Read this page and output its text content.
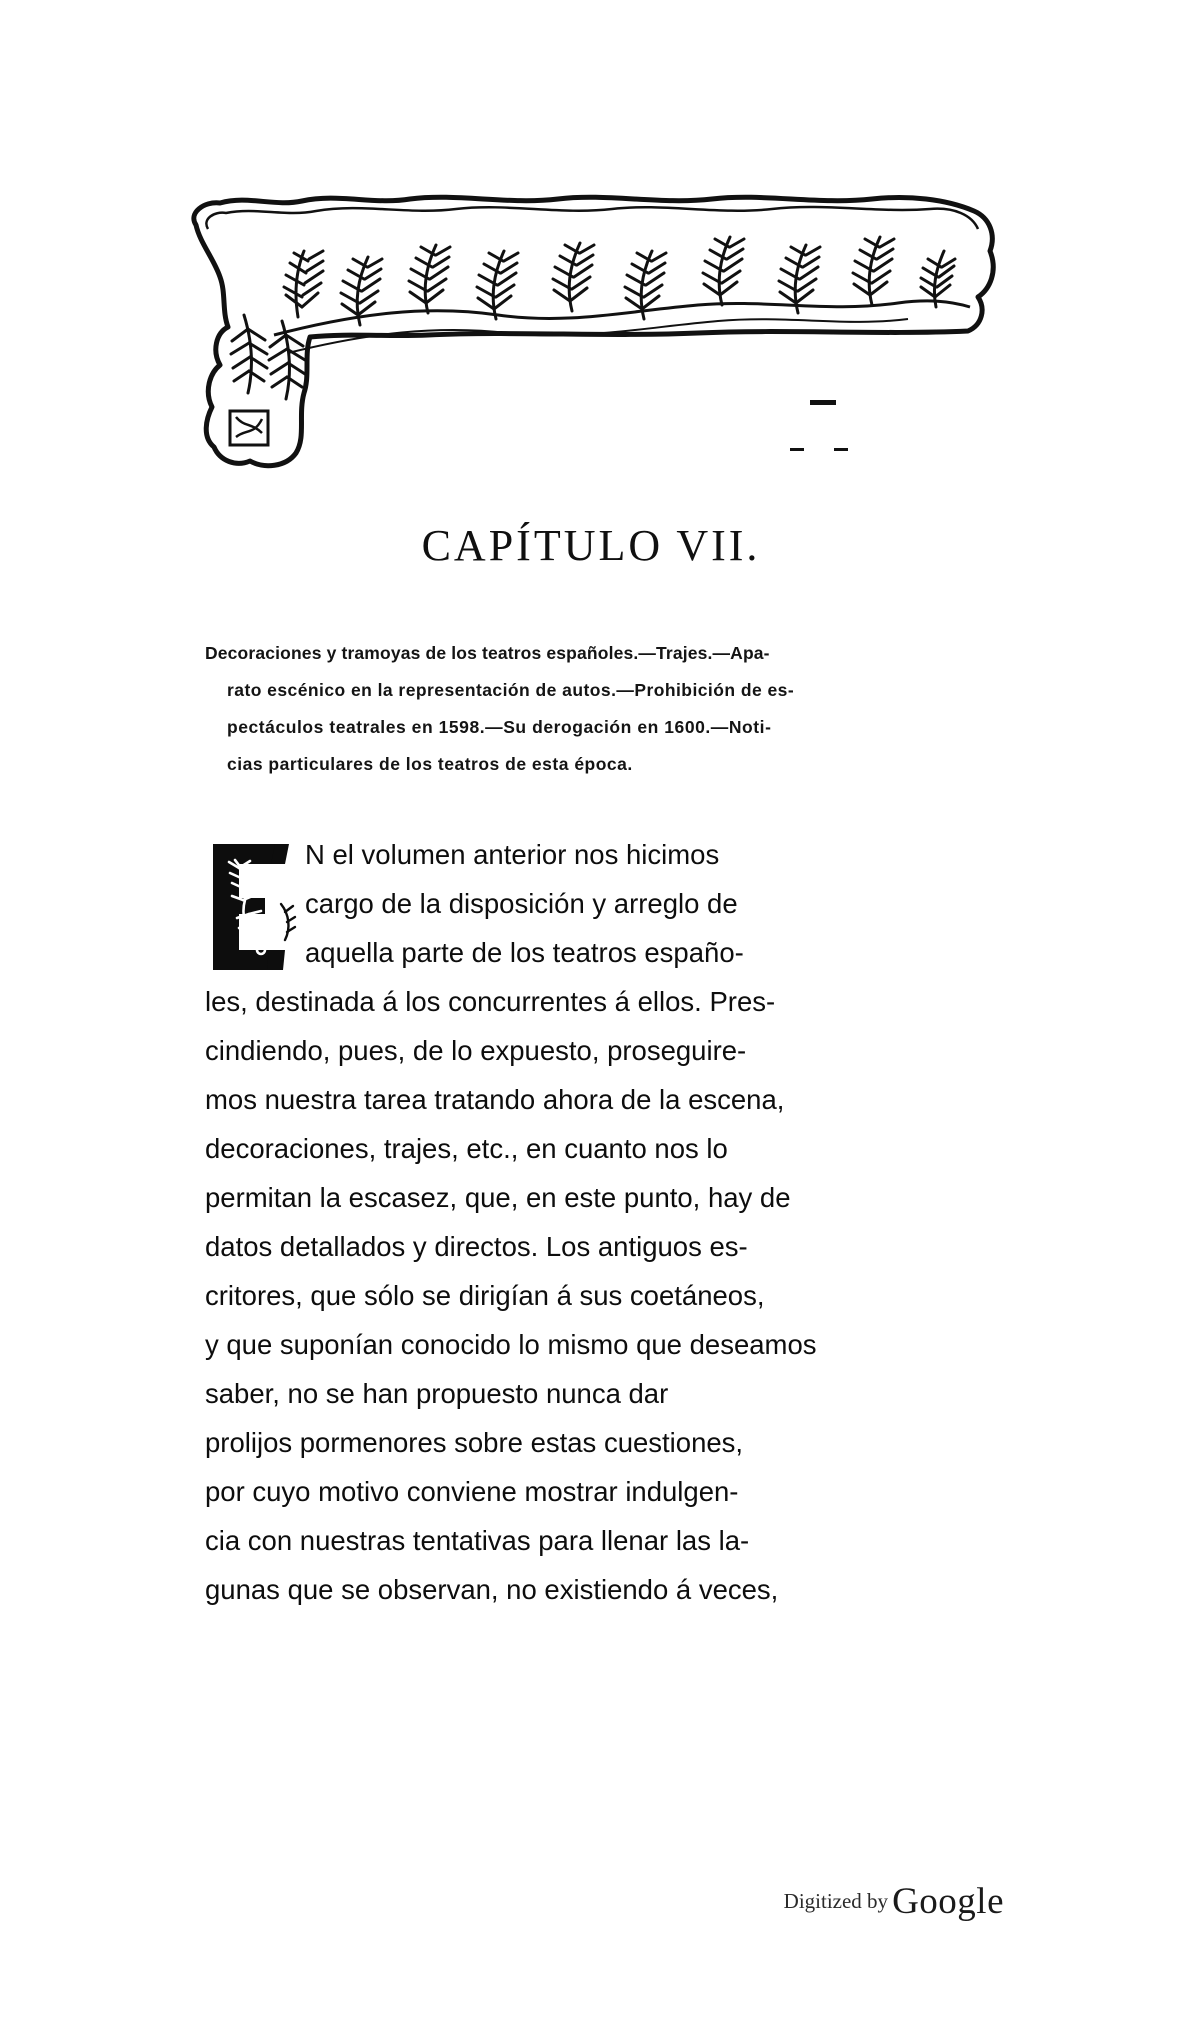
CAPÍTULO VII.
Decoraciones y tramoyas de los teatros españoles.—Trajes.—Apa-
rato escénico en la representación de autos.—Prohibición de es-
pectáculos teatrales en 1598.—Su derogación en 1600.—Noti-
cias particulares de los teatros de esta época.
N el volumen anterior nos hicimos
cargo de la disposición y arreglo de
aquella parte de los teatros españo-
les, destinada á los concurrentes á ellos. Pres-
cindiendo, pues, de lo expuesto, proseguire-
mos nuestra tarea tratando ahora de la escena,
decoraciones, trajes, etc., en cuanto nos lo
permitan la escasez, que, en este punto, hay de
datos detallados y directos. Los antiguos es-
critores, que sólo se dirigían á sus coetáneos,
y que suponían conocido lo mismo que deseamos
saber, no se han propuesto nunca dar
prolijos pormenores sobre estas cuestiones,
por cuyo motivo conviene mostrar indulgen-
cia con nuestras tentativas para llenar las la-
gunas que se observan, no existiendo á veces,
Digitized by Google
